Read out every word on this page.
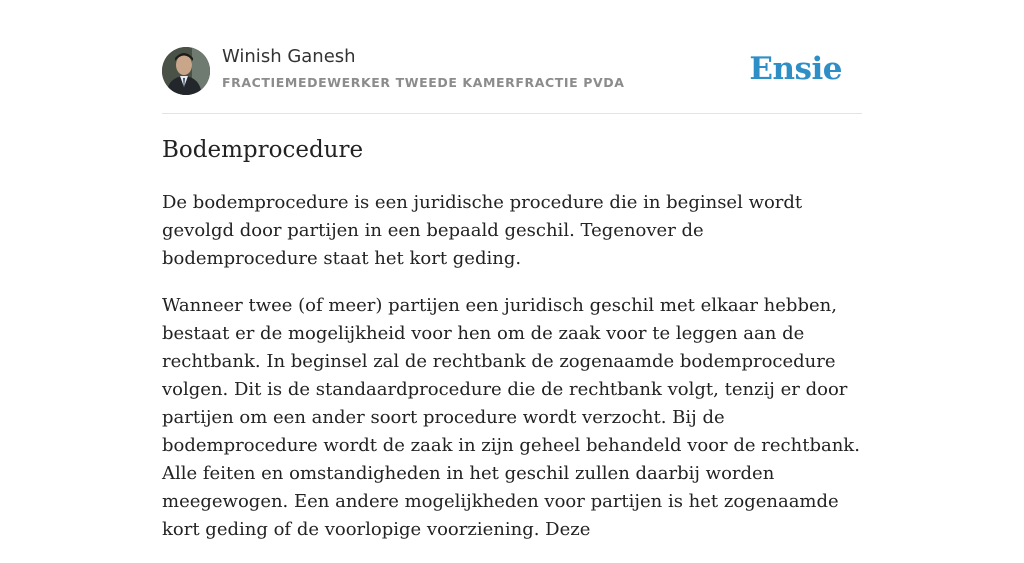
Winish Ganesh
FRACTIEMEDEWERKER TWEEDE KAMERFRACTIE PVDA	Ensie
Bodemprocedure

De bodemprocedure is een juridische procedure die in beginsel wordt gevolgd door partijen in een bepaald geschil. Tegenover de bodemprocedure staat het kort geding.

Wanneer twee (of meer) partijen een juridisch geschil met elkaar hebben, bestaat er de mogelijkheid voor hen om de zaak voor te leggen aan de rechtbank. In beginsel zal de rechtbank de zogenaamde bodemprocedure volgen. Dit is de standaardprocedure die de rechtbank volgt, tenzij er door partijen om een ander soort procedure wordt verzocht. Bij de bodemprocedure wordt de zaak in zijn geheel behandeld voor de rechtbank. Alle feiten en omstandigheden in het geschil zullen daarbij worden meegewogen. Een andere mogelijkheden voor partijen is het zogenaamde kort geding of de voorlopige voorziening. Deze
